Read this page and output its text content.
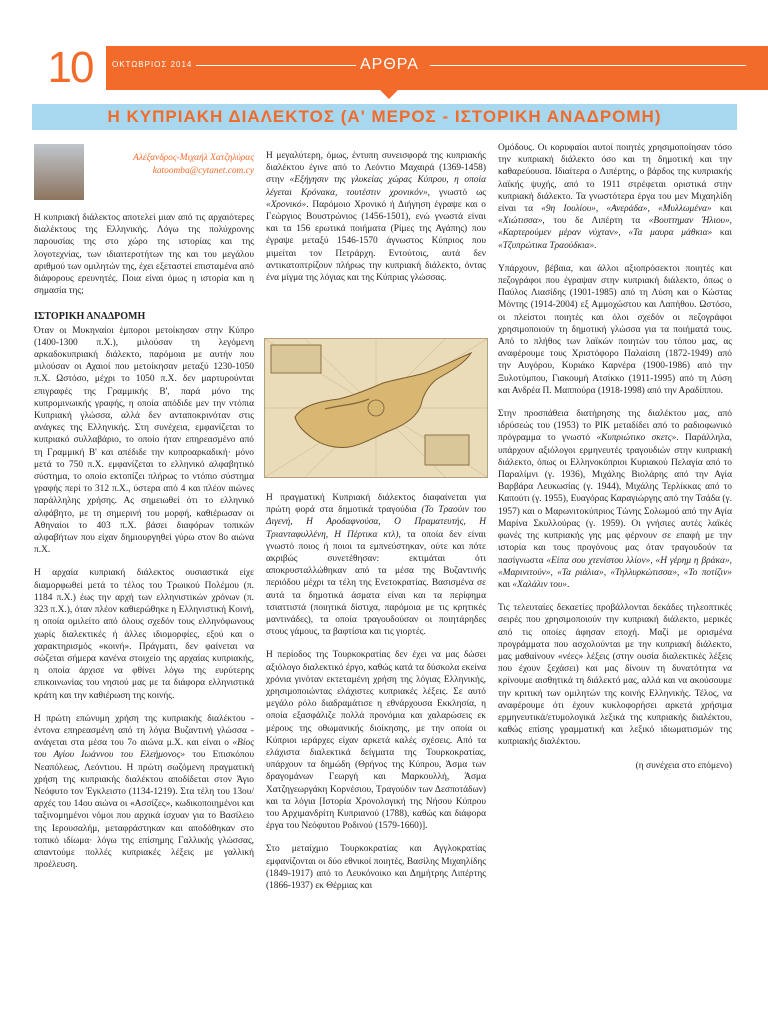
10	ΟΚΤΩΒΡΙΟΣ 2014	ΑΡΘΡΑ
Η ΚΥΠΡΙΑΚΗ ΔΙΑΛΕΚΤΟΣ (Α' ΜΕΡΟΣ - ΙΣΤΟΡΙΚΗ ΑΝΑΔΡΟΜΗ)
Αλέξανδρος-Μιχαήλ Χατζηλύρας
katoomba@cytanet.com.cy

Η κυπριακή διάλεκτος αποτελεί μιαν από τις αρχαιότερες διαλέκτους της Ελληνικής. Λόγω της πολύχρονης παρουσίας της στο χώρο της ιστορίας και της λογοτεχνίας, των ιδιαιτεροτήτων της και του μεγάλου αριθμού των ομιλητών της, έχει εξεταστεί επισταμένα από διάφορους ερευνητές. Ποια είναι όμως η ιστορία και η σημασία της;

ΙΣΤΟΡΙΚΗ ΑΝΑΔΡΟΜΗ

Όταν οι Μυκηναίοι έμποροι μετοίκησαν στην Κύπρο (1400-1300 π.Χ.), μιλούσαν τη λεγόμενη αρκαδοκυπριακή διάλεκτο, παρόμοια με αυτήν που μιλούσαν οι Αχαιοί που μετοίκησαν μεταξύ 1230-1050 π.Χ. Ωστόσο, μέχρι το 1050 π.Χ. δεν μαρτυρούνται επιγραφές της Γραμμικής Β', παρά μόνο της κυπρομινωικής γραφής, η οποία απόδιδε μεν την ντόπια Κυπριακή γλώσσα, αλλά δεν ανταποκρινόταν στις ανάγκες της Ελληνικής. Στη συνέχεια, εμφανίζεται το κυπριακό συλλαβάριο, το οποίο ήταν επηρεασμένο από τη Γραμμική Β' και απέδιδε την κυπροαρκαδική· μόνο μετά το 750 π.Χ. εμφανίζεται το ελληνικό αλφαβητικό σύστημα, το οποίο εκτοπίζει πλήρως το ντόπιο σύστημα γραφής περί το 312 π.Χ., ύστερα από 4 και πλέον αιώνες παράλληλης χρήσης. Ας σημειωθεί ότι το ελληνικό αλφάβητο, με τη σημερινή του μορφή, καθιέρωσαν οι Αθηναίοι το 403 π.Χ. βάσει διαφόρων τοπικών αλφαβήτων που είχαν δημιουργηθεί γύρω στον 8ο αιώνα π.Χ.

Η αρχαία κυπριακή διάλεκτος ουσιαστικά είχε διαμορφωθεί μετά το τέλος του Τρωικού Πολέμου (π. 1184 π.Χ.) έως την αρχή των ελληνιστικών χρόνων (π. 323 π.Χ.), όταν πλέον καθιερώθηκε η Ελληνιστική Κοινή, η οποία ομιλείτο από όλους σχεδόν τους ελληνόφωνους χωρίς διαλεκτικές ή άλλες ιδιομορφίες, εξού και ο χαρακτηρισμός «κοινή». Πράγματι, δεν φαίνεται να σώζεται σήμερα κανένα στοιχείο της αρχαίας κυπριακής, η οποία άρχισε να φθίνει λόγω της ευρύτερης επικοινωνίας του νησιού μας με τα διάφορα ελληνιστικά κράτη και την καθιέρωση της κοινής.

Η πρώτη επώνυμη χρήση της κυπριακής διαλέκτου - έντονα επηρεασμένη από τη λόγια Βυζαντινή γλώσσα - ανάγεται στα μέσα του 7ο αιώνα μ.Χ. και είναι ο «Βίος του Αγίου Ιωάννου του Ελεήμονος» του Επισκόπου Νεαπόλεως, Λεόντιου. Η πρώτη σωζόμενη πραγματική χρήση της κυπριακής διαλέκτου αποδίδεται στον Άγιο Νεόφυτο τον Έγκλειστο (1134-1219). Στα τέλη του 13ου/αρχές του 14ου αιώνα οι «Ασσίζες», κωδικοποιημένοι και ταξινομημένοι νόμοι που αρχικά ίσχυαν για το Βασίλειο της Ιερουσαλήμ, μεταφράστηκαν και αποδόθηκαν στο τοπικό ιδίωμα· λόγω της επίσημης Γαλλικής γλώσσας, απαντούμε πολλές κυπριακές λέξεις με γαλλική προέλευση.

Η μεγαλύτερη, όμως, έντυπη συνεισφορά της κυπριακής διαλέκτου έγινε από το Λεόντιο Μαχαιρά (1369-1458) στην «Εξήγησιν της γλυκείας χώρας Κύπρου, η οποία λέγεται Κρόνακα, τουτέστιν χρονικόν», γνωστό ως «Χρονικό». Παρόμοιο Χρονικό ή Διήγηση έγραψε και ο Γεώργιος Βουστρώνιος (1456-1501), ενώ γνωστά είναι και τα 156 ερωτικά ποιήματα (Ρίμες της Αγάπης) που έγραψε μεταξύ 1546-1570 άγνωστος Κύπριος που μιμείται τον Πετράρχη. Εντούτοις, αυτά δεν αντικατοπτρίζουν πλήρως την κυπριακή διάλεκτο, όντας ένα μίγμα της λόγιας και της Κύπριας γλώσσας.

Η πραγματική Κυπριακή διάλεκτος διαφαίνεται για πρώτη φορά στα δημοτικά τραγούδια (Το Τραούιν του Διγενή, Η Αροδαφνούσα, Ο Πραματευτής, Η Τριανταφυλλένη, Η Πέρτικα κτλ), τα οποία δεν είναι γνωστό ποιος ή ποιοι τα εμπνεύστηκαν, ούτε και πότε ακριβώς συνετέθησαν: εκτιμάται ότι αποκρυσταλλώθηκαν από τα μέσα της Βυζαντινής περιόδου μέχρι τα τέλη της Ενετοκρατίας. Βασισμένα σε αυτά τα δημοτικά άσματα είναι και τα περίφημα τσιαττιστά (ποιητικά δίστιχα, παρόμοια με τις κρητικές μαντινάδες), τα οποία τραγουδούσαν οι ποιητάρηδες στους γάμους, τα βαφτίσια και τις γιορτές.

Η περίοδος της Τουρκοκρατίας δεν έχει να μας δώσει αξιόλογο διαλεκτικό έργο, καθώς κατά τα δύσκολα εκείνα χρόνια γινόταν εκτεταμένη χρήση της λόγιας Ελληνικής, χρησιμοποιώντας ελάχιστες κυπριακές λέξεις. Σε αυτό μεγάλο ρόλο διαδραμάτισε η εθνάρχουσα Εκκλησία, η οποία εξασφάλιζε πολλά προνόμια και χαλαρώσεις εκ μέρους της οθωμανικής διοίκησης, με την οποία οι Κύπριοι ιεράρχες είχαν αρκετά καλές σχέσεις. Από τα ελάχιστα διαλεκτικά δείγματα της Τουρκοκρατίας, υπάρχουν τα δημώδη (Θρήνος της Κύπρου, Άσμα των δραγομάνων Γεωργή και Μαρκουλλή, Άσμα Χατζηγεωργάκη Κορνέσιου, Τραγούδιν των Δεσποτάδων) και τα λόγια [Ιστορία Χρονολογική της Νήσου Κύπρου του Αρχιμανδρίτη Κυπριανού (1788), καθώς και διάφορα έργα του Νεόφυτου Ροδινού (1579-1660)].

Στο μεταίχμιο Τουρκοκρατίας και Αγγλοκρατίας εμφανίζονται οι δύο εθνικοί ποιητές, Βασίλης Μιχαηλίδης (1849-1917) από το Λευκόνοικο και Δημήτρης Λιπέρτης (1866-1937) εκ Θέρμιας και

Ομόδους. Οι κορυφαίοι αυτοί ποιητές χρησιμοποίησαν τόσο την κυπριακή διάλεκτο όσο και τη δημοτική και την καθαρεύουσα. Ιδιαίτερα ο Λιπέρτης, ο βάρδος της κυπριακής λαϊκής ψυχής, από το 1911 στρέφεται οριστικά στην κυπριακή διάλεκτο. Τα γνωστότερα έργα του μεν Μιχαηλίδη είναι τα «9η Ιουλίου», «Ανεράδα», «Μυλλωμένα» και «Χιώτισσα», του δε Λιπέρτη τα «Βουττημαν Ήλιου», «Καρτερούμεν μέραν νύχταν», «Τα μαυρα μάθκια» και «Τζυπρώτικα Τραούδκια».

Υπάρχουν, βέβαια, και άλλοι αξιοπρόσεκτοι ποιητές και πεζογράφοι που έγραψαν στην κυπριακή διάλεκτο, όπως ο Παύλος Λιασίδης (1901-1985) από τη Λύση και ο Κώστας Μόντης (1914-2004) εξ Αμμοχώστου και Λαπήθου. Ωστόσο, οι πλείστοι ποιητές και όλοι σχεδόν οι πεζογράφοι χρησιμοποιούν τη δημοτική γλώσσα για τα ποιήματά τους. Από το πλήθος των λαϊκών ποιητών του τόπου μας, ας αναφέρουμε τους Χριστόφορο Παλαίσιη (1872-1949) από την Αυγόρου, Κυριάκο Καρνέρα (1900-1986) από την Ξυλοτύμπου, Γιακουμή Ατσίκκο (1911-1995) από τη Λύση και Ανδρέα Π. Μαππούρα (1918-1998) από την Αραδίππου.

Στην προσπάθεια διατήρησης της διαλέκτου μας, από ιδρύσεώς του (1953) το ΡΙΚ μεταδίδει από το ραδιοφωνικό πρόγραμμα το γνωστό «Κυπριώτικο σκετς». Παράλληλα, υπάρχουν αξιόλογοι ερμηνευτές τραγουδιών στην κυπριακή διάλεκτο, όπως οι Ελληνοκύπριοι Κυριακού Πελαγία από το Παραλίμνι (γ. 1936), Μιχάλης Βιολάρης από την Αγία Βαρβάρα Λευκωσίας (γ. 1944), Μιχάλης Τερλίκκας από το Καπούτι (γ. 1955), Ευαγόρας Καραγιώργης από την Τσάδα (γ. 1957) και ο Μαρωνιτοκύπριος Τώνης Σολωμού από την Αγία Μαρίνα Σκυλλούρας (γ. 1959). Οι γνήσιες αυτές λαϊκές φωνές της κυπριακής γης μας φέρνουν σε επαφή με την ιστορία και τους προγόνους μας όταν τραγουδούν τα πασίγνωστα «Είπα σου χτενίστου λλίον», «Η γέρημ η βράκα», «Μαρινιτούν», «Τα ριάλια», «Τηλλυρκώτισσα», «Το ποτίζιν» και «Χαλάλιν του».

Τις τελευταίες δεκαετίες προβάλλονται δεκάδες τηλεοπτικές σειρές που χρησιμοποιούν την κυπριακή διάλεκτο, μερικές από τις οποίες άφησαν εποχή. Μαζί με ορισμένα προγράμματα που ασχολούνται με την κυπριακή διάλεκτο, μας μαθαίνουν «νέες» λέξεις (στην ουσία διαλεκτικές λέξεις που έχουν ξεχάσει) και μας δίνουν τη δυνατότητα να κρίνουμε αισθητικά τη διάλεκτό μας, αλλά και να ακούσουμε την κριτική των ομιλητών της κοινής Ελληνικής. Τέλος, να αναφέρουμε ότι έχουν κυκλοφορήσει αρκετά χρήσιμα ερμηνευτικά/ετυμολογικά λεξικά της κυπριακής διαλέκτου, καθώς επίσης γραμματική και λεξικό ιδιωματισμών της κυπριακής διαλέκτου.

(η συνέχεια στο επόμενο)
